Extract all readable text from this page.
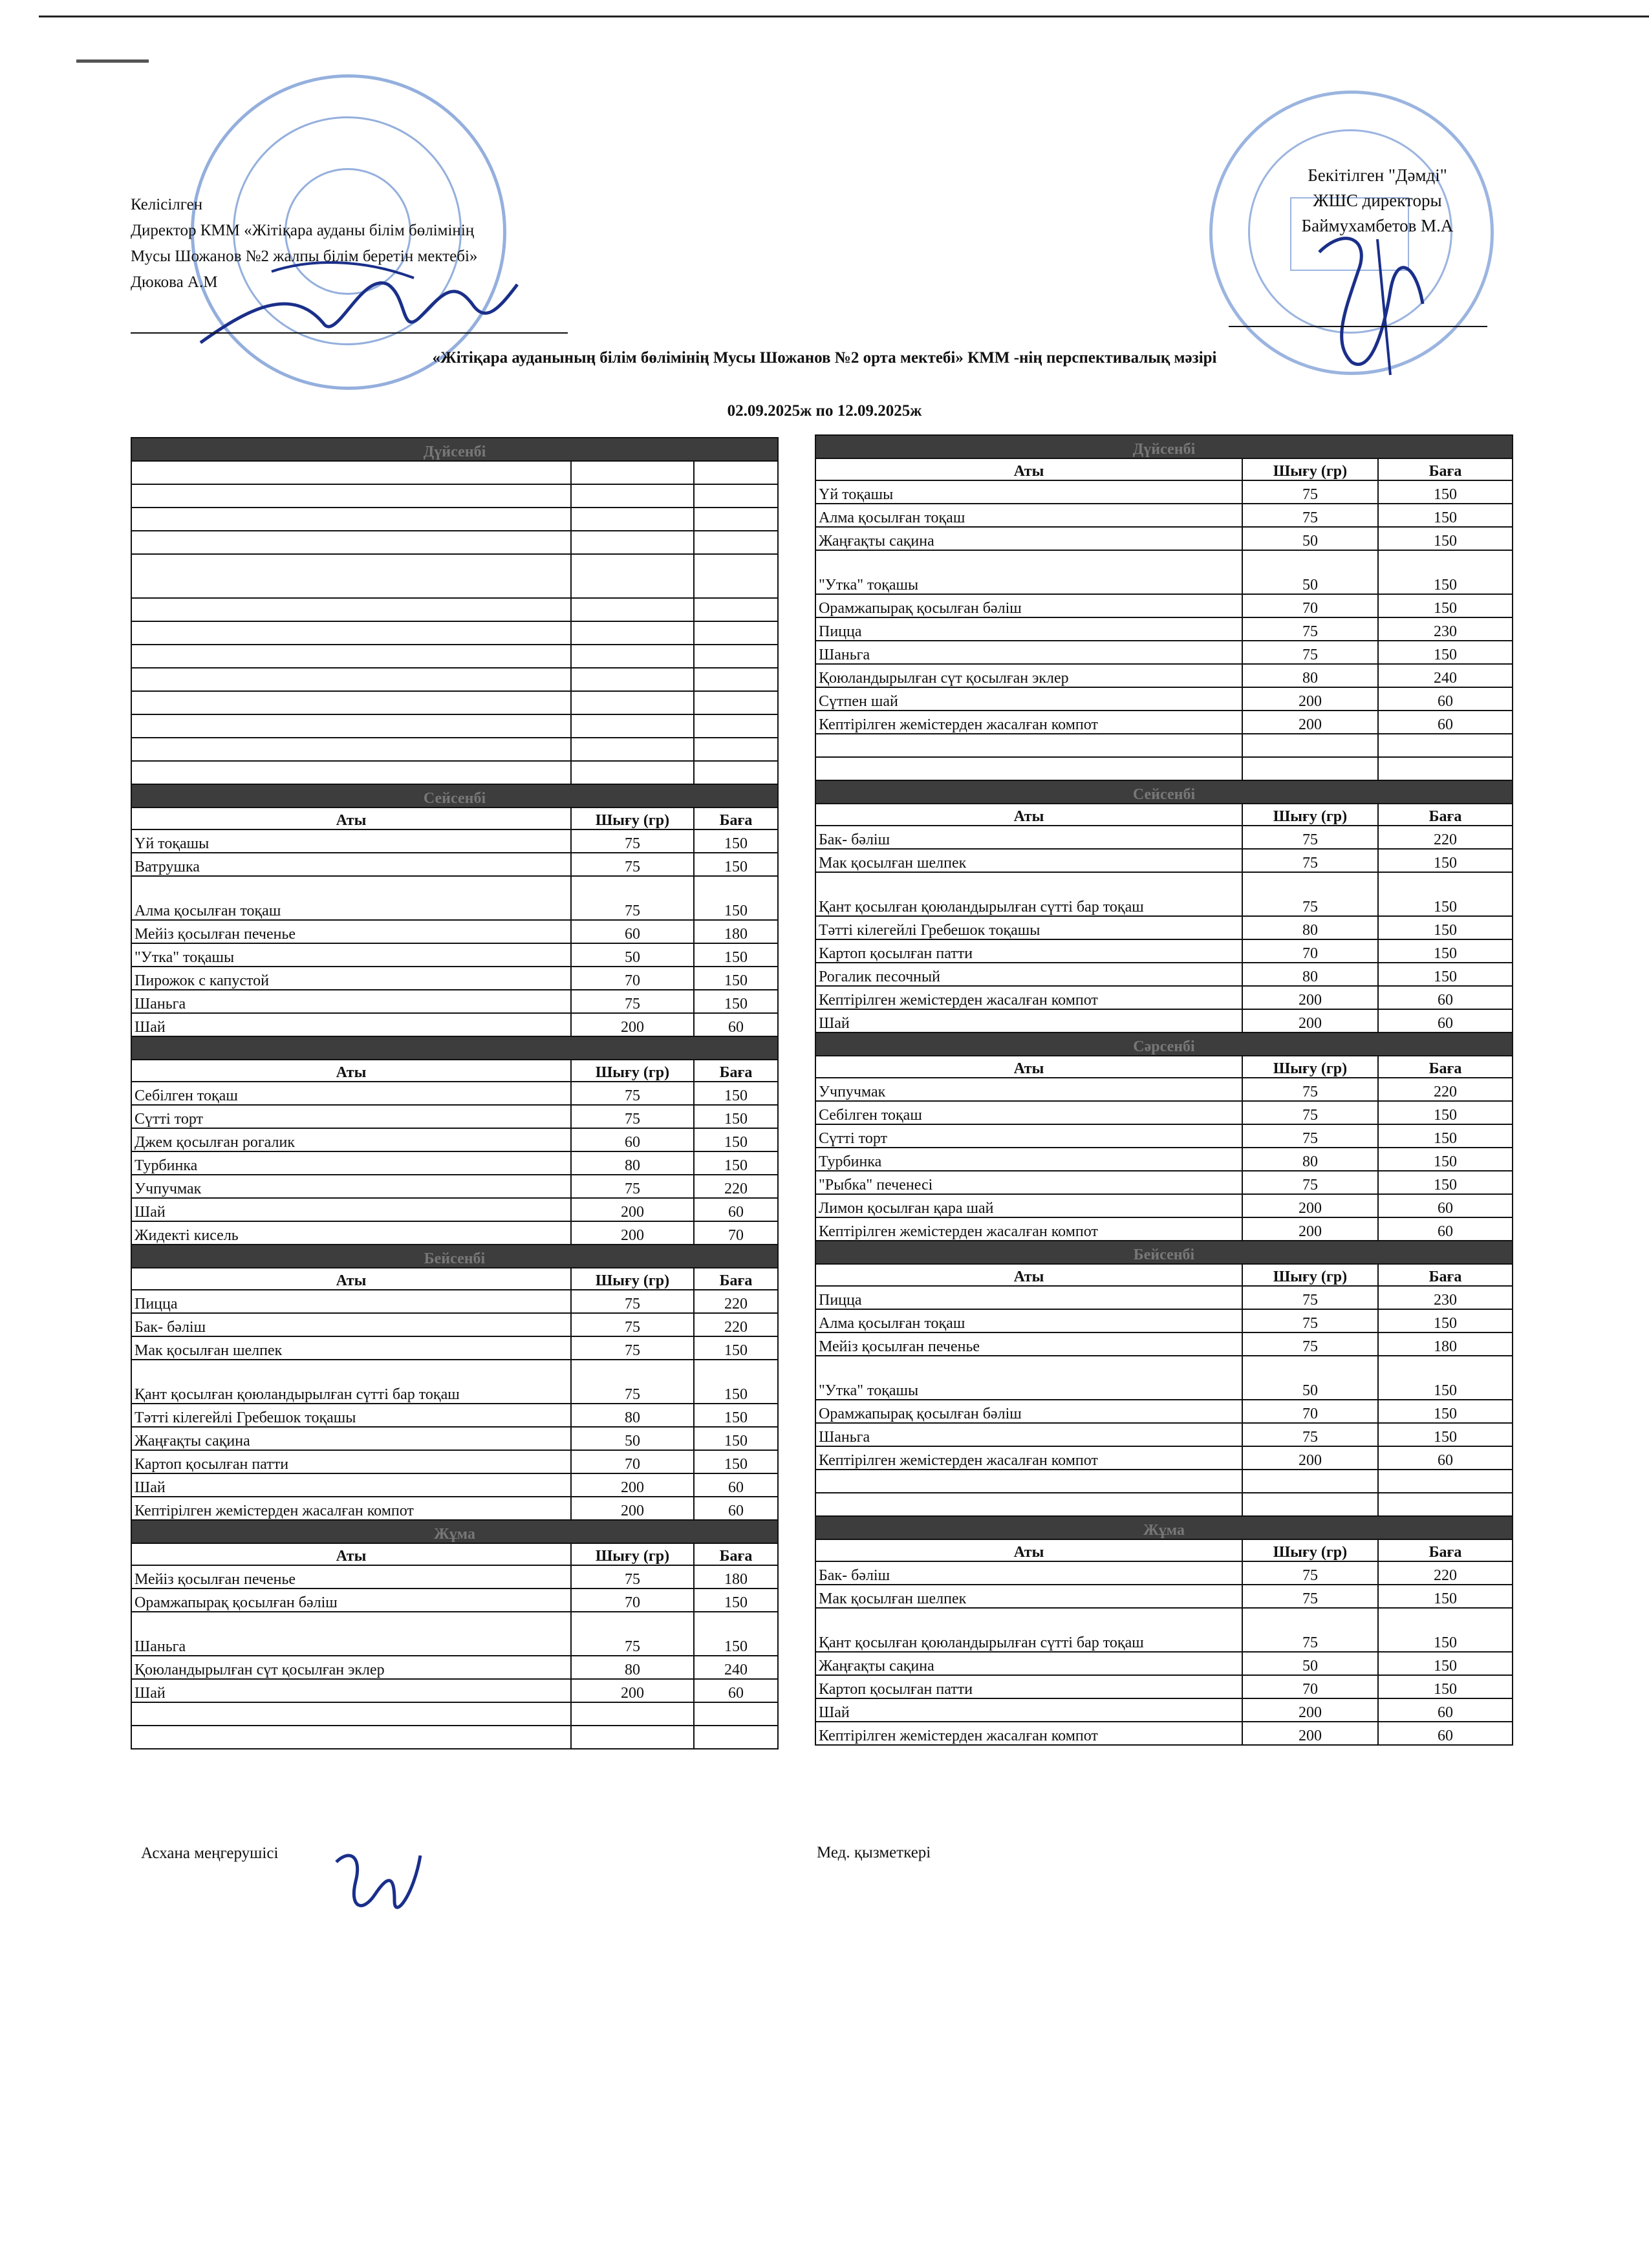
Келісілген
Директор КММ «Жітіқара ауданы білім бөлімінің
Мусы Шожанов №2 жалпы білім беретін мектебі»
Дюкова А.М
Бекітілген "Дәмді"
ЖШС директоры
Баймухамбетов М.А
«Жітіқара ауданының білім бөлімінің Мусы Шожанов №2 орта мектебі» КММ -нің перспективалық мәзірі
02.09.2025ж по 12.09.2025ж
Дүйсенбі		

Сейсенбі		
Аты	Шығу (гр)	Баға
Үй тоқашы	75	150
Ватрушка	75	150
Алма қосылған тоқаш	75	150
Мейіз қосылған печенье	60	180
"Утка" тоқашы	50	150
Пирожок с капустой	70	150
Шаньга	75	150
Шай	200	60

Аты	Шығу (гр)	Баға
Себілген тоқаш	75	150
Сүтті торт	75	150
Джем қосылған рогалик	60	150
Турбинка	80	150
Учпучмак	75	220
Шай	200	60
Жидекті кисель	200	70
Бейсенбі		
Аты	Шығу (гр)	Баға
Пицца	75	220
Бак- бәліш	75	220
Мак қосылған шелпек	75	150
Қант қосылған қоюландырылған сүтті бар тоқаш	75	150
Тәтті кілегейлі Гребешок тоқашы	80	150
Жаңғақты сақина	50	150
Картоп қосылған патти	70	150
Шай	200	60
Кептірілген жемістерден жасалған компот	200	60
Жұма		
Аты	Шығу (гр)	Баға
Мейіз қосылған печенье	75	180
Орамжапырақ қосылған бәліш	70	150
Шаньга	75	150
Қоюландырылған сүт қосылған эклер	80	240
Шай	200	60

Дүйсенбі		
Аты	Шығу (гр)	Баға
Үй тоқашы	75	150
Алма қосылған тоқаш	75	150
Жаңғақты сақина	50	150
"Утка" тоқашы	50	150
Орамжапырақ қосылған бәліш	70	150
Пицца	75	230
Шаньга	75	150
Қоюландырылған сүт қосылған эклер	80	240
Сүтпен шай	200	60
Кептірілген жемістерден жасалған компот	200	60

Сейсенбі		
Аты	Шығу (гр)	Баға
Бак- бәліш	75	220
Мак қосылған шелпек	75	150
Қант қосылған қоюландырылған сүтті бар тоқаш	75	150
Тәтті кілегейлі Гребешок тоқашы	80	150
Картоп қосылған патти	70	150
Рогалик песочный	80	150
Кептірілген жемістерден жасалған компот	200	60
Шай	200	60
Сәрсенбі		
Аты	Шығу (гр)	Баға
Учпучмак	75	220
Себілген тоқаш	75	150
Сүтті торт	75	150
Турбинка	80	150
"Рыбка" печенесі	75	150
Лимон қосылған қара шай	200	60
Кептірілген жемістерден жасалған компот	200	60
Бейсенбі		
Аты	Шығу (гр)	Баға
Пицца	75	230
Алма қосылған тоқаш	75	150
Мейіз қосылған печенье	75	180
"Утка" тоқашы	50	150
Орамжапырақ қосылған бәліш	70	150
Шаньга	75	150
Кептірілген жемістерден жасалған компот	200	60

Жұма		
Аты	Шығу (гр)	Баға
Бак- бәліш	75	220
Мак қосылған шелпек	75	150
Қант қосылған қоюландырылған сүтті бар тоқаш	75	150
Жаңғақты сақина	50	150
Картоп қосылған патти	70	150
Шай	200	60
Кептірілген жемістерден жасалған компот	200	60
Асхана меңгерушісі	Мед. қызметкері
